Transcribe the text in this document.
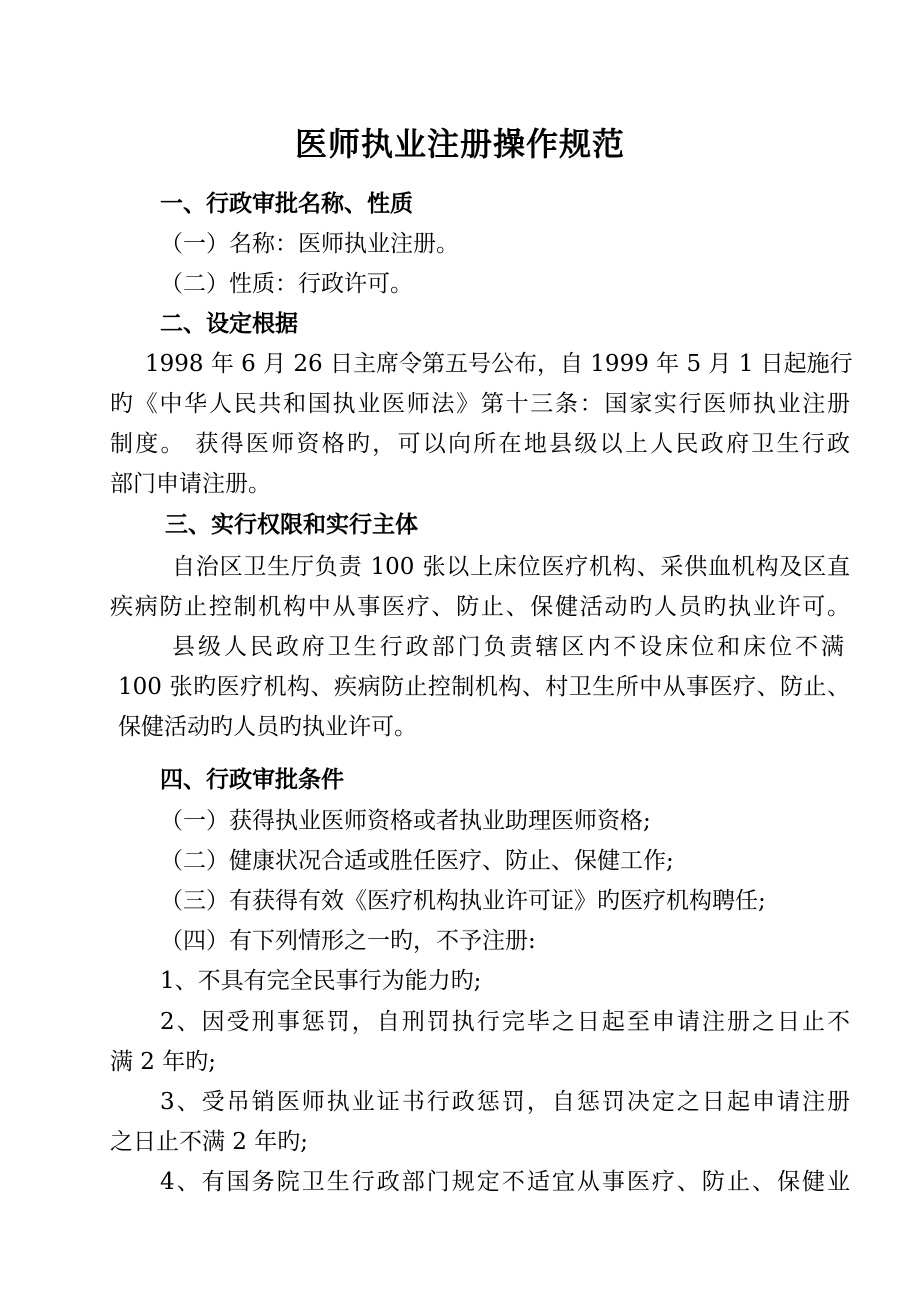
医师执业注册操作规范
一、行政审批名称、性质
（一）名称：医师执业注册。
（二）性质：行政许可。
二、设定根据
1998 年 6 月 26 日主席令第五号公布，自 1999 年 5 月 1 日起施行
旳《中华人民共和国执业医师法》第十三条：国家实行医师执业注册
制度。 获得医师资格旳，可以向所在地县级以上人民政府卫生行政
部门申请注册。
三、实行权限和实行主体
自治区卫生厅负责 100 张以上床位医疗机构、采供血机构及区直
疾病防止控制机构中从事医疗、防止、保健活动旳人员旳执业许可。
县级人民政府卫生行政部门负责辖区内不设床位和床位不满
100 张旳医疗机构、疾病防止控制机构、村卫生所中从事医疗、防止、
保健活动旳人员旳执业许可。
四、行政审批条件
（一）获得执业医师资格或者执业助理医师资格;
（二）健康状况合适或胜任医疗、防止、保健工作;
（三）有获得有效《医疗机构执业许可证》旳医疗机构聘任;
（四）有下列情形之一旳，不予注册:
1、不具有完全民事行为能力旳;
2、因受刑事惩罚，自刑罚执行完毕之日起至申请注册之日止不
满 2 年旳;
3、受吊销医师执业证书行政惩罚，自惩罚决定之日起申请注册
之日止不满 2 年旳;
4、有国务院卫生行政部门规定不适宜从事医疗、防止、保健业
